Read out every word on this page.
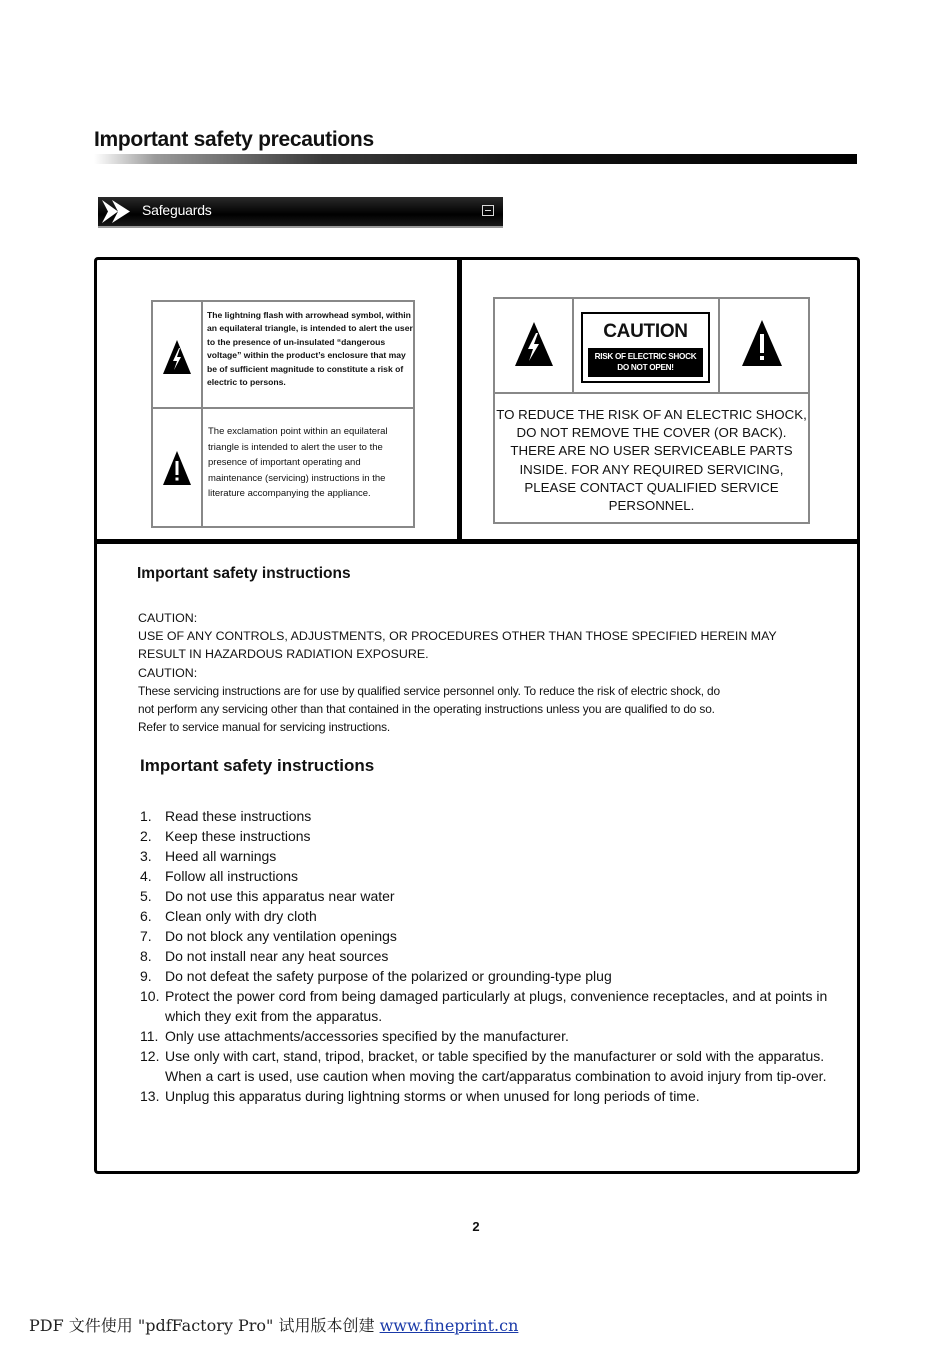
Important safety precautions
Safeguards

The lightning flash with arrowhead symbol, within an equilateral triangle, is intended to alert the user to the presence of un-insulated “dangerous voltage” within the product’s enclosure that may be of sufficient magnitude to constitute a risk of electric to persons.

The exclamation point within an equilateral triangle is intended to alert the user to the presence of important operating and maintenance (servicing) instructions in the literature accompanying the appliance.

CAUTION
RISK OF ELECTRIC SHOCK
DO NOT OPEN!

TO REDUCE THE RISK OF AN ELECTRIC SHOCK, DO NOT REMOVE THE COVER (OR BACK). THERE ARE NO USER SERVICEABLE PARTS INSIDE. FOR ANY REQUIRED SERVICING, PLEASE CONTACT QUALIFIED SERVICE PERSONNEL.

Important safety instructions
CAUTION:
USE OF ANY CONTROLS, ADJUSTMENTS, OR PROCEDURES OTHER THAN THOSE SPECIFIED HEREIN MAY
RESULT IN HAZARDOUS RADIATION EXPOSURE.
CAUTION:
These servicing instructions are for use by qualified service personnel only. To reduce the risk of electric shock, do
not perform any servicing other than that contained in the operating instructions unless you are qualified to do so.
Refer to service manual for servicing instructions.
Important safety instructions
1. Read these instructions
2. Keep these instructions
3. Heed all warnings
4. Follow all instructions
5. Do not use this apparatus near water
6. Clean only with dry cloth
7. Do not block any ventilation openings
8. Do not install near any heat sources
9. Do not defeat the safety purpose of the polarized or grounding-type plug
10. Protect the power cord from being damaged particularly at plugs, convenience receptacles, and at points in which they exit from the apparatus.
11. Only use attachments/accessories specified by the manufacturer.
12. Use only with cart, stand, tripod, bracket, or table specified by the manufacturer or sold with the apparatus. When a cart is used, use caution when moving the cart/apparatus combination to avoid injury from tip-over.
13. Unplug this apparatus during lightning storms or when unused for long periods of time.
2
PDF 文件使用 "pdfFactory Pro" 试用版本创建 www.fineprint.cn
